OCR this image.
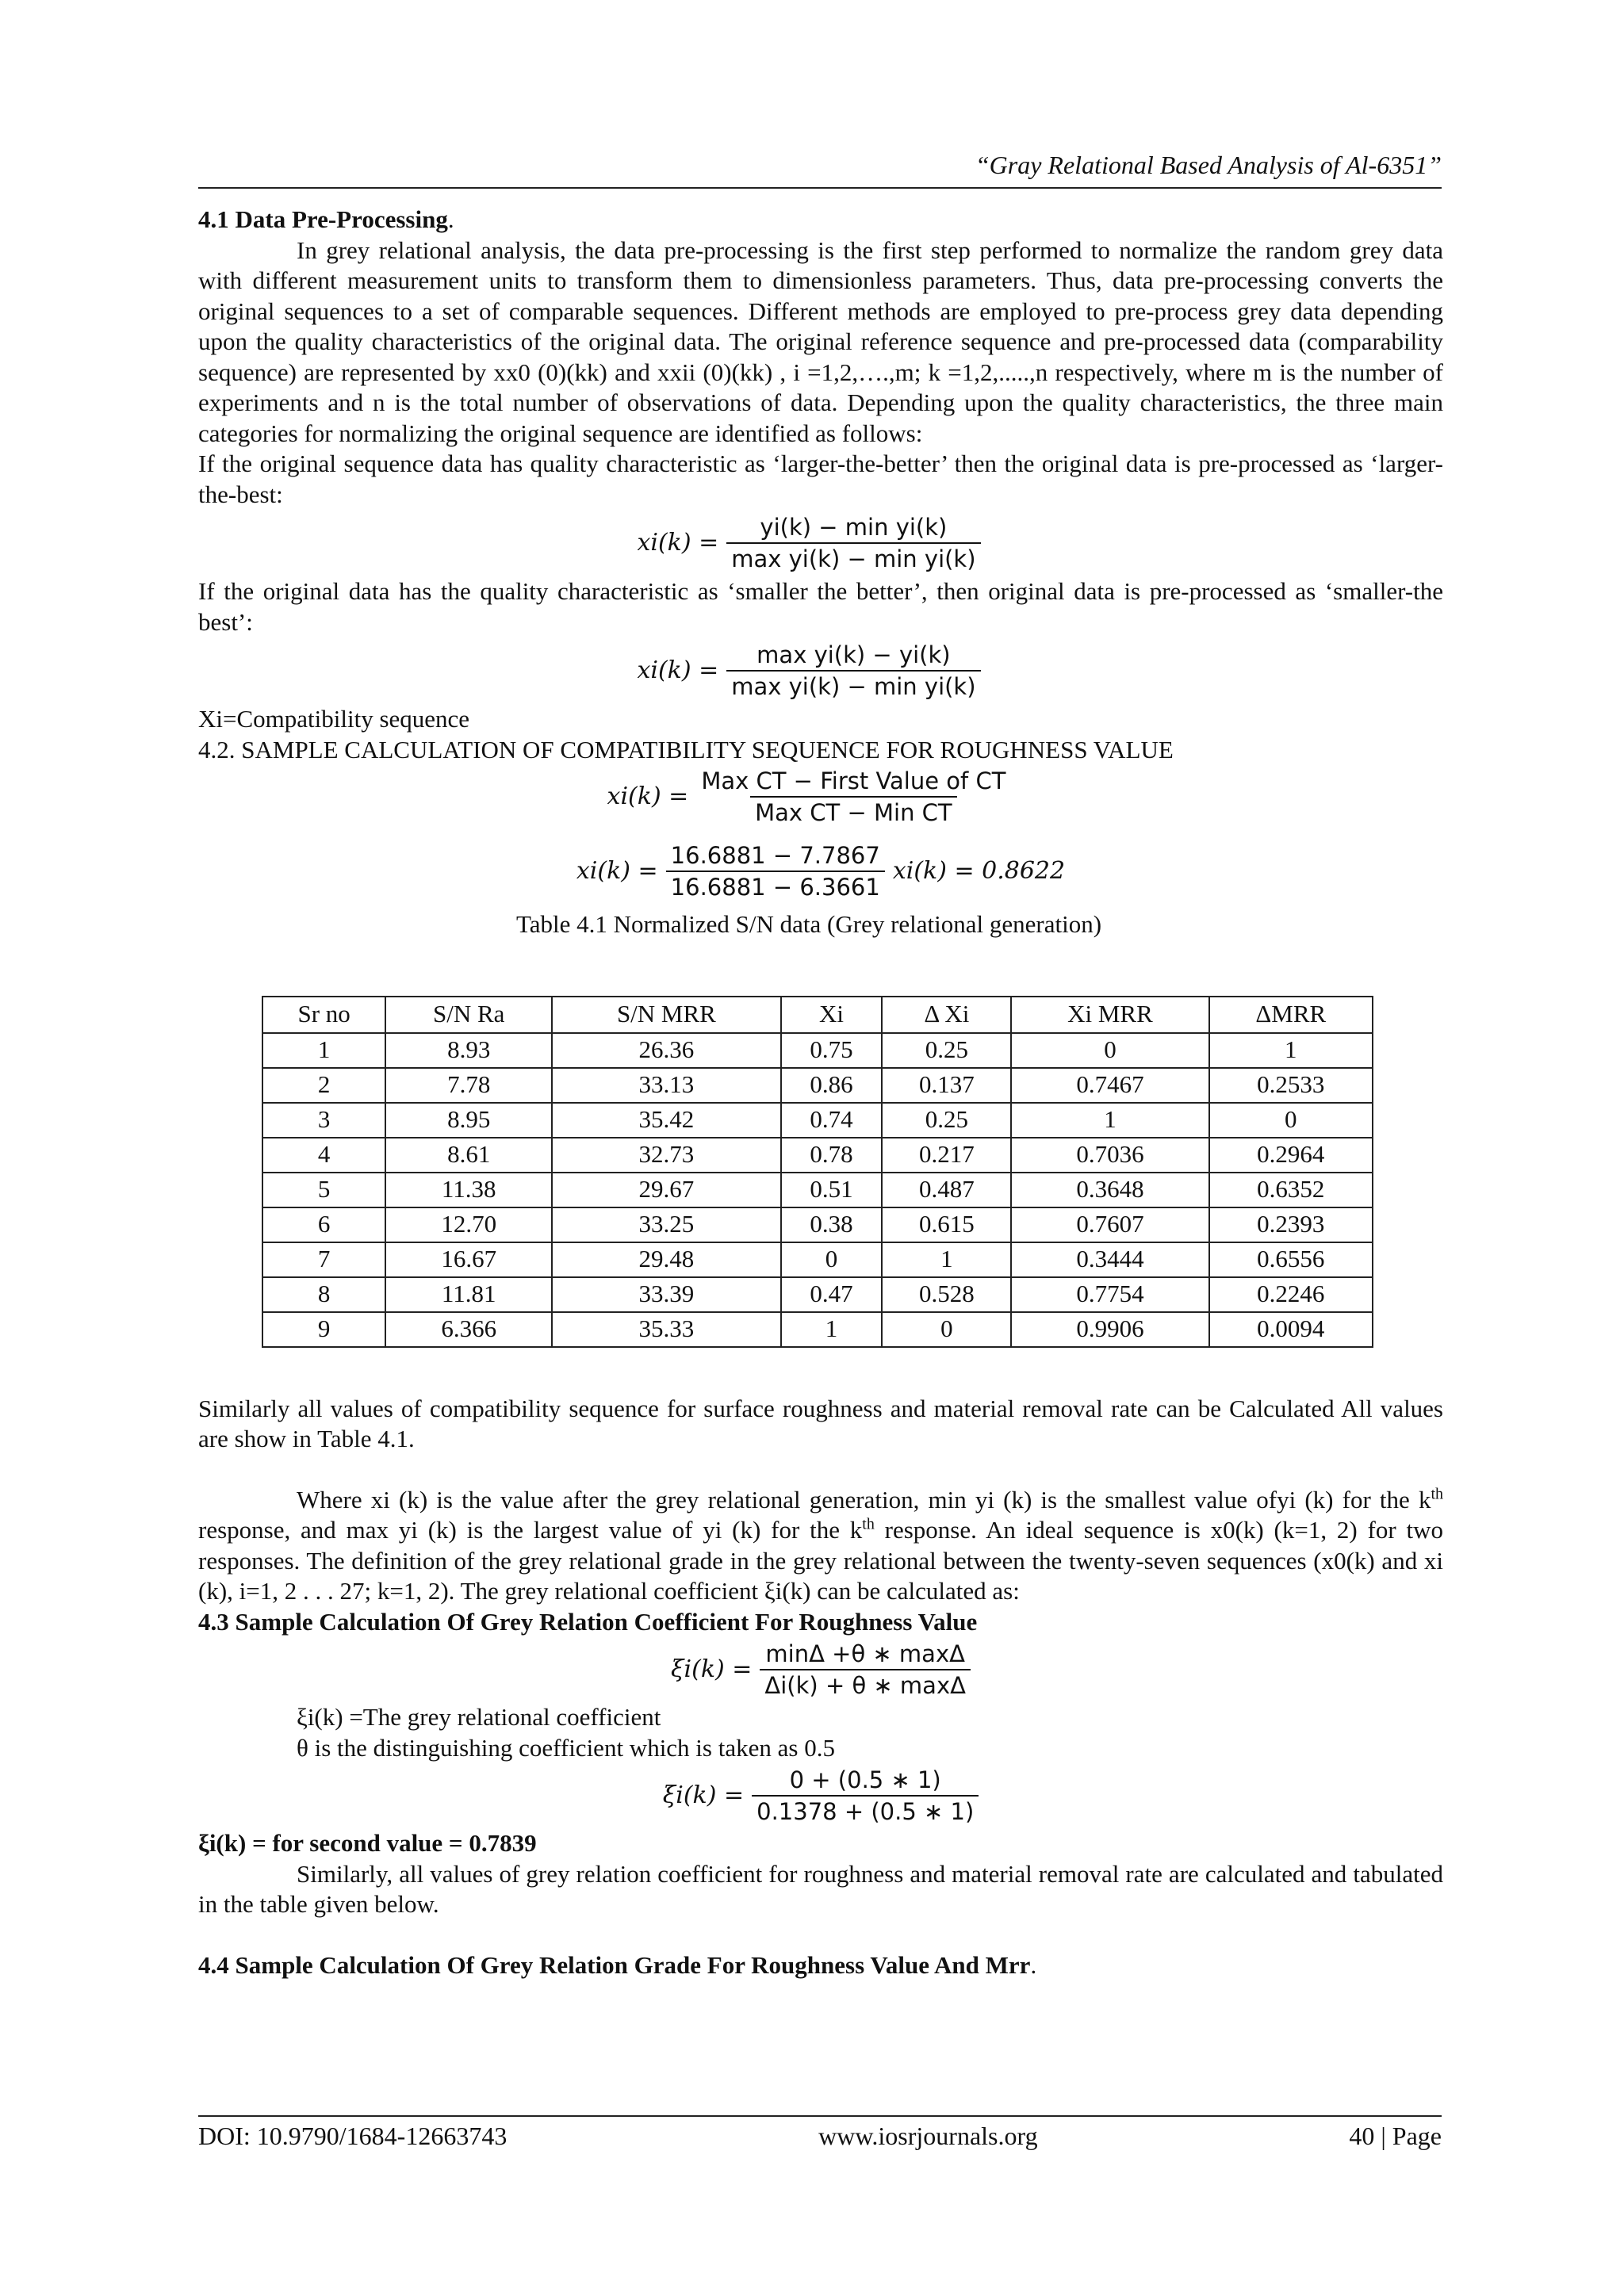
“Gray Relational Based Analysis of Al-6351”

4.1 Data Pre-Processing.

In grey relational analysis, the data pre-processing is the first step performed to normalize the random grey data with different measurement units to transform them to dimensionless parameters. Thus, data pre-processing converts the original sequences to a set of comparable sequences. Different methods are employed to pre-process grey data depending upon the quality characteristics of the original data. The original reference sequence and pre-processed data (comparability sequence) are represented by xx0 (0)(kk) and xxii (0)(kk) , i =1,2,….,m; k =1,2,.....,n respectively, where m is the number of experiments and n is the total number of observations of data. Depending upon the quality characteristics, the three main categories for normalizing the original sequence are identified as follows:

If the original sequence data has quality characteristic as ‘larger-the-better’ then the original data is pre-processed as ‘larger-the-best:

$xi(k) = \frac{\text{yi(k) − min yi(k)}}{\text{max yi(k) − min yi(k)}}$

If the original data has the quality characteristic as ‘smaller the better’, then original data is pre-processed as ‘smaller-the best’:

$xi(k) = \frac{\text{max yi(k) − yi(k)}}{\text{max yi(k) − min yi(k)}}$

Xi=Compatibility sequence

4.2. SAMPLE CALCULATION OF COMPATIBILITY SEQUENCE FOR ROUGHNESS VALUE

$xi(k) = \frac{\text{Max CT − First Value of CT}}{\text{Max CT − Min CT}}$
$xi(k) = \frac{16.6881 - 7.7867}{16.6881 - 6.3661} xi(k) = 0.8622$

Table 4.1 Normalized S/N data (Grey relational generation)

Sr no	S/N Ra	S/N MRR	Xi	Δ Xi	Xi MRR	ΔMRR
1	8.93	26.36	0.75	0.25	0	1
2	7.78	33.13	0.86	0.137	0.7467	0.2533
3	8.95	35.42	0.74	0.25	1	0
4	8.61	32.73	0.78	0.217	0.7036	0.2964
5	11.38	29.67	0.51	0.487	0.3648	0.6352
6	12.70	33.25	0.38	0.615	0.7607	0.2393
7	16.67	29.48	0	1	0.3444	0.6556
8	11.81	33.39	0.47	0.528	0.7754	0.2246
9	6.366	35.33	1	0	0.9906	0.0094

Similarly all values of compatibility sequence for surface roughness and material removal rate can be Calculated All values are show in Table 4.1.

Where xi (k) is the value after the grey relational generation, min yi (k) is the smallest value ofyi (k) for the $k^{th}$ response, and max yi (k) is the largest value of yi (k) for the $k^{th}$ response. An ideal sequence is x0(k) (k=1, 2) for two responses. The definition of the grey relational grade in the grey relational between the twenty-seven sequences (x0(k) and xi (k), i=1, 2 . . . 27; k=1, 2). The grey relational coefficient ξi(k) can be calculated as:

4.3 Sample Calculation Of Grey Relation Coefficient For Roughness Value

$\xi i(k) = \frac{\min\Delta +\theta ∗ \max\Delta}{\Delta i(k) + \theta ∗ \max\Delta}$

ξi(k) =The grey relational coefficient

θ is the distinguishing coefficient which is taken as 0.5

$\xi i(k) = \frac{0 + (0.5 ∗ 1)}{0.1378 + (0.5 ∗ 1)}$

ξi(k) = for second value = 0.7839

Similarly, all values of grey relation coefficient for roughness and material removal rate are calculated and tabulated in the table given below.

4.4 Sample Calculation Of Grey Relation Grade For Roughness Value And Mrr.

DOI: 10.9790/1684-12663743	www.iosrjournals.org	40 | Page
